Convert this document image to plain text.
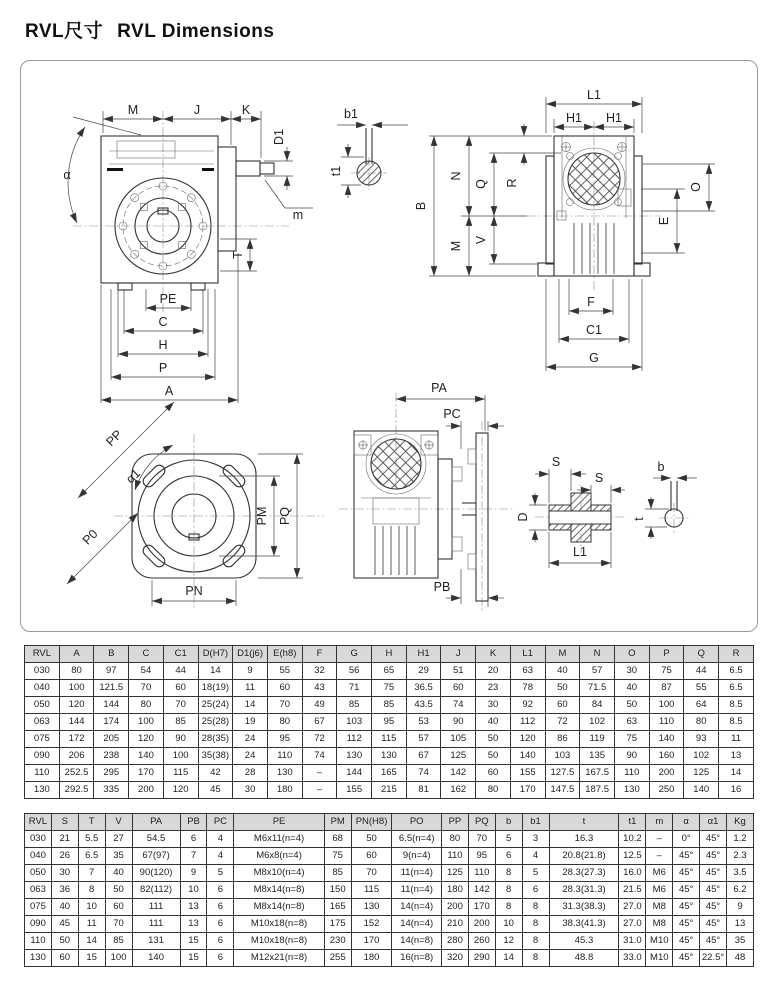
RVL尺寸 RVL Dimensions
M	J	K
D1
α
m
T
PE
C
H
P
A
b1
t1
L1
H1 H1
B
N
M
Q
V
R	O
E
F
C1
G
PP
α1
P0
PM PQ
PN
PA
PC
PB
S
S
D
L1
b
t
RVL	A	B	C	C1	D(H7)	D1(j6)	E(h8)	F	G	H	H1	J	K	L1	M	N	O	P	Q	R
030	80	97	54	44	14	9	55	32	56	65	29	51	20	63	40	57	30	75	44	6.5
040	100	121.5	70	60	18(19)	11	60	43	71	75	36.5	60	23	78	50	71.5	40	87	55	6.5
050	120	144	80	70	25(24)	14	70	49	85	85	43.5	74	30	92	60	84	50	100	64	8.5
063	144	174	100	85	25(28)	19	80	67	103	95	53	90	40	112	72	102	63	110	80	8.5
075	172	205	120	90	28(35)	24	95	72	112	115	57	105	50	120	86	119	75	140	93	11
090	206	238	140	100	35(38)	24	110	74	130	130	67	125	50	140	103	135	90	160	102	13
110	252.5	295	170	115	42	28	130	–	144	165	74	142	60	155	127.5	167.5	110	200	125	14
130	292.5	335	200	120	45	30	180	–	155	215	81	162	80	170	147.5	187.5	130	250	140	16
RVL	S	T	V	PA	PB	PC	PE	PM	PN(H8)	PO	PP	PQ	b	b1	t	t1	m	α	α1	Kg
030	21	5.5	27	54.5	6	4	M6x11(n=4)	68	50	6.5(n=4)	80	70	5	3	16.3	10.2	–	0°	45°	1.2
040	26	6.5	35	67(97)	7	4	M6x8(n=4)	75	60	9(n=4)	110	95	6	4	20.8(21.8)	12.5	–	45°	45°	2.3
050	30	7	40	90(120)	9	5	M8x10(n=4)	85	70	11(n=4)	125	110	8	5	28.3(27.3)	16.0	M6	45°	45°	3.5
063	36	8	50	82(112)	10	6	M8x14(n=8)	150	115	11(n=4)	180	142	8	6	28.3(31.3)	21.5	M6	45°	45°	6.2
075	40	10	60	111	13	6	M8x14(n=8)	165	130	14(n=4)	200	170	8	8	31.3(38.3)	27.0	M8	45°	45°	9
090	45	11	70	111	13	6	M10x18(n=8)	175	152	14(n=4)	210	200	10	8	38.3(41.3)	27.0	M8	45°	45°	13
110	50	14	85	131	15	6	M10x18(n=8)	230	170	14(n=8)	280	260	12	8	45.3	31.0	M10	45°	45°	35
130	60	15	100	140	15	6	M12x21(n=8)	255	180	16(n=8)	320	290	14	8	48.8	33.0	M10	45°	22.5°	48
